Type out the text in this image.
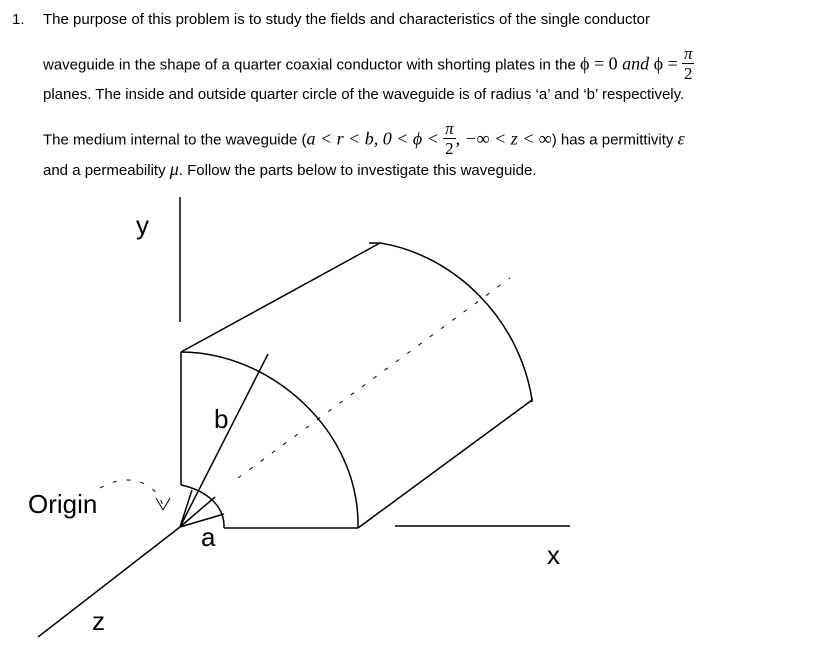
1. The purpose of this problem is to study the fields and characteristics of the single conductor
waveguide in the shape of a quarter coaxial conductor with shorting plates in the ϕ = 0 and $\phi = \frac{\pi}{2}$
planes. The inside and outside quarter circle of the waveguide is of radius ‘a’ and ‘b’ respectively.
The medium internal to the waveguide (a < r < b, $0 < \phi < \frac{\pi}{2}$ , −∞ < z < ∞) has a permittivity ε
and a permeability μ. Follow the parts below to investigate this waveguide.
y
b
Origin
a
x
z
